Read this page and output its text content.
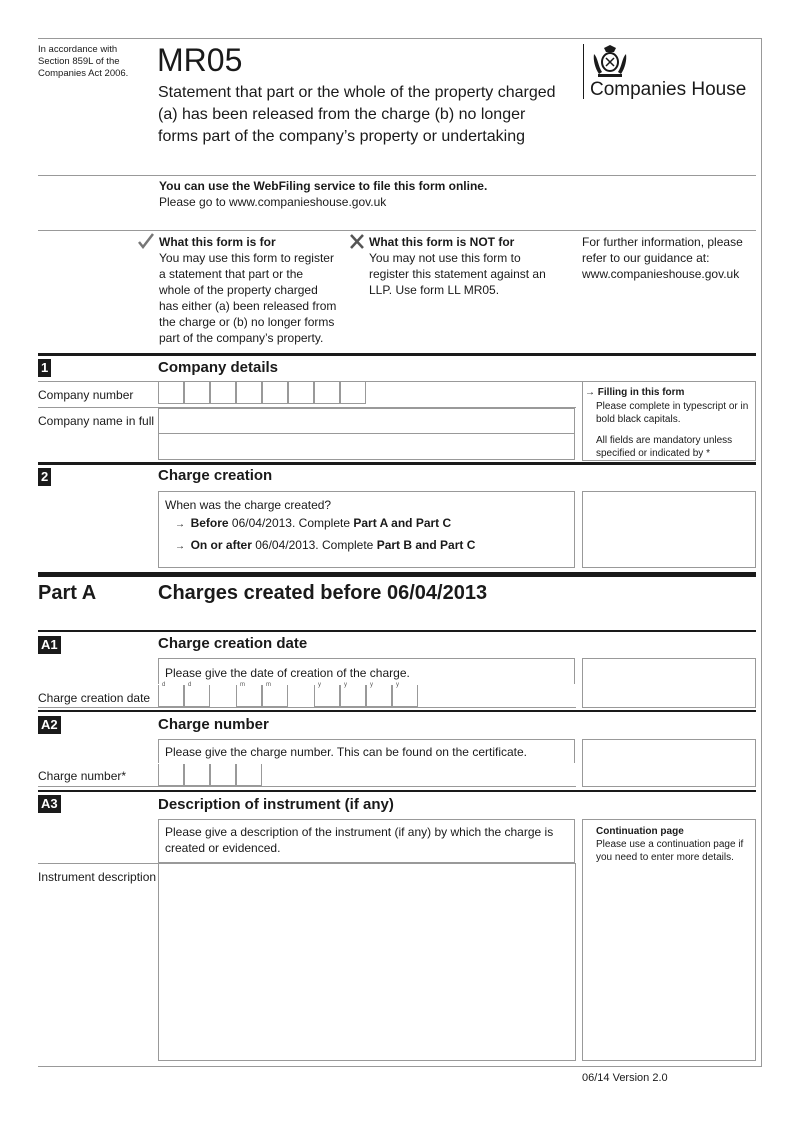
In accordance with
Section 859L of the
Companies Act 2006. MR05
Statement that part or the whole of the property charged
(a) has been released from the charge (b) no longer
forms part of the company’s property or undertaking
Companies House
You can use the WebFiling service to file this form online.
Please go to www.companieshouse.gov.uk
What this form is for
You may use this form to register
a statement that part or the
whole of the property charged
has either (a) been released from
the charge or (b) no longer forms
part of the company’s property.
What this form is NOT for
You may not use this form to
register this statement against an
LLP. Use form LL MR05.
For further information, please
refer to our guidance at:
www.companieshouse.gov.uk
1	Company details
Company number
Company name in full
→ Filling in this form
Please complete in typescript or in
bold black capitals.
All fields are mandatory unless
specified or indicated by *
2	Charge creation
When was the charge created?
→  Before 06/04/2013. Complete Part A and Part C
→  On or after 06/04/2013. Complete Part B and Part C
Part A	Charges created before 06/04/2013
A1	Charge creation date
Please give the date of creation of the charge.
Charge creation date
d	d	m	m	y	y	y	y
A2	Charge number
Please give the charge number. This can be found on the certificate.
Charge number*
A3	Description of instrument (if any)
Please give a description of the instrument (if any) by which the charge is
created or evidenced.
Continuation page
Please use a continuation page if
you need to enter more details.
Instrument description
06/14 Version 2.0
